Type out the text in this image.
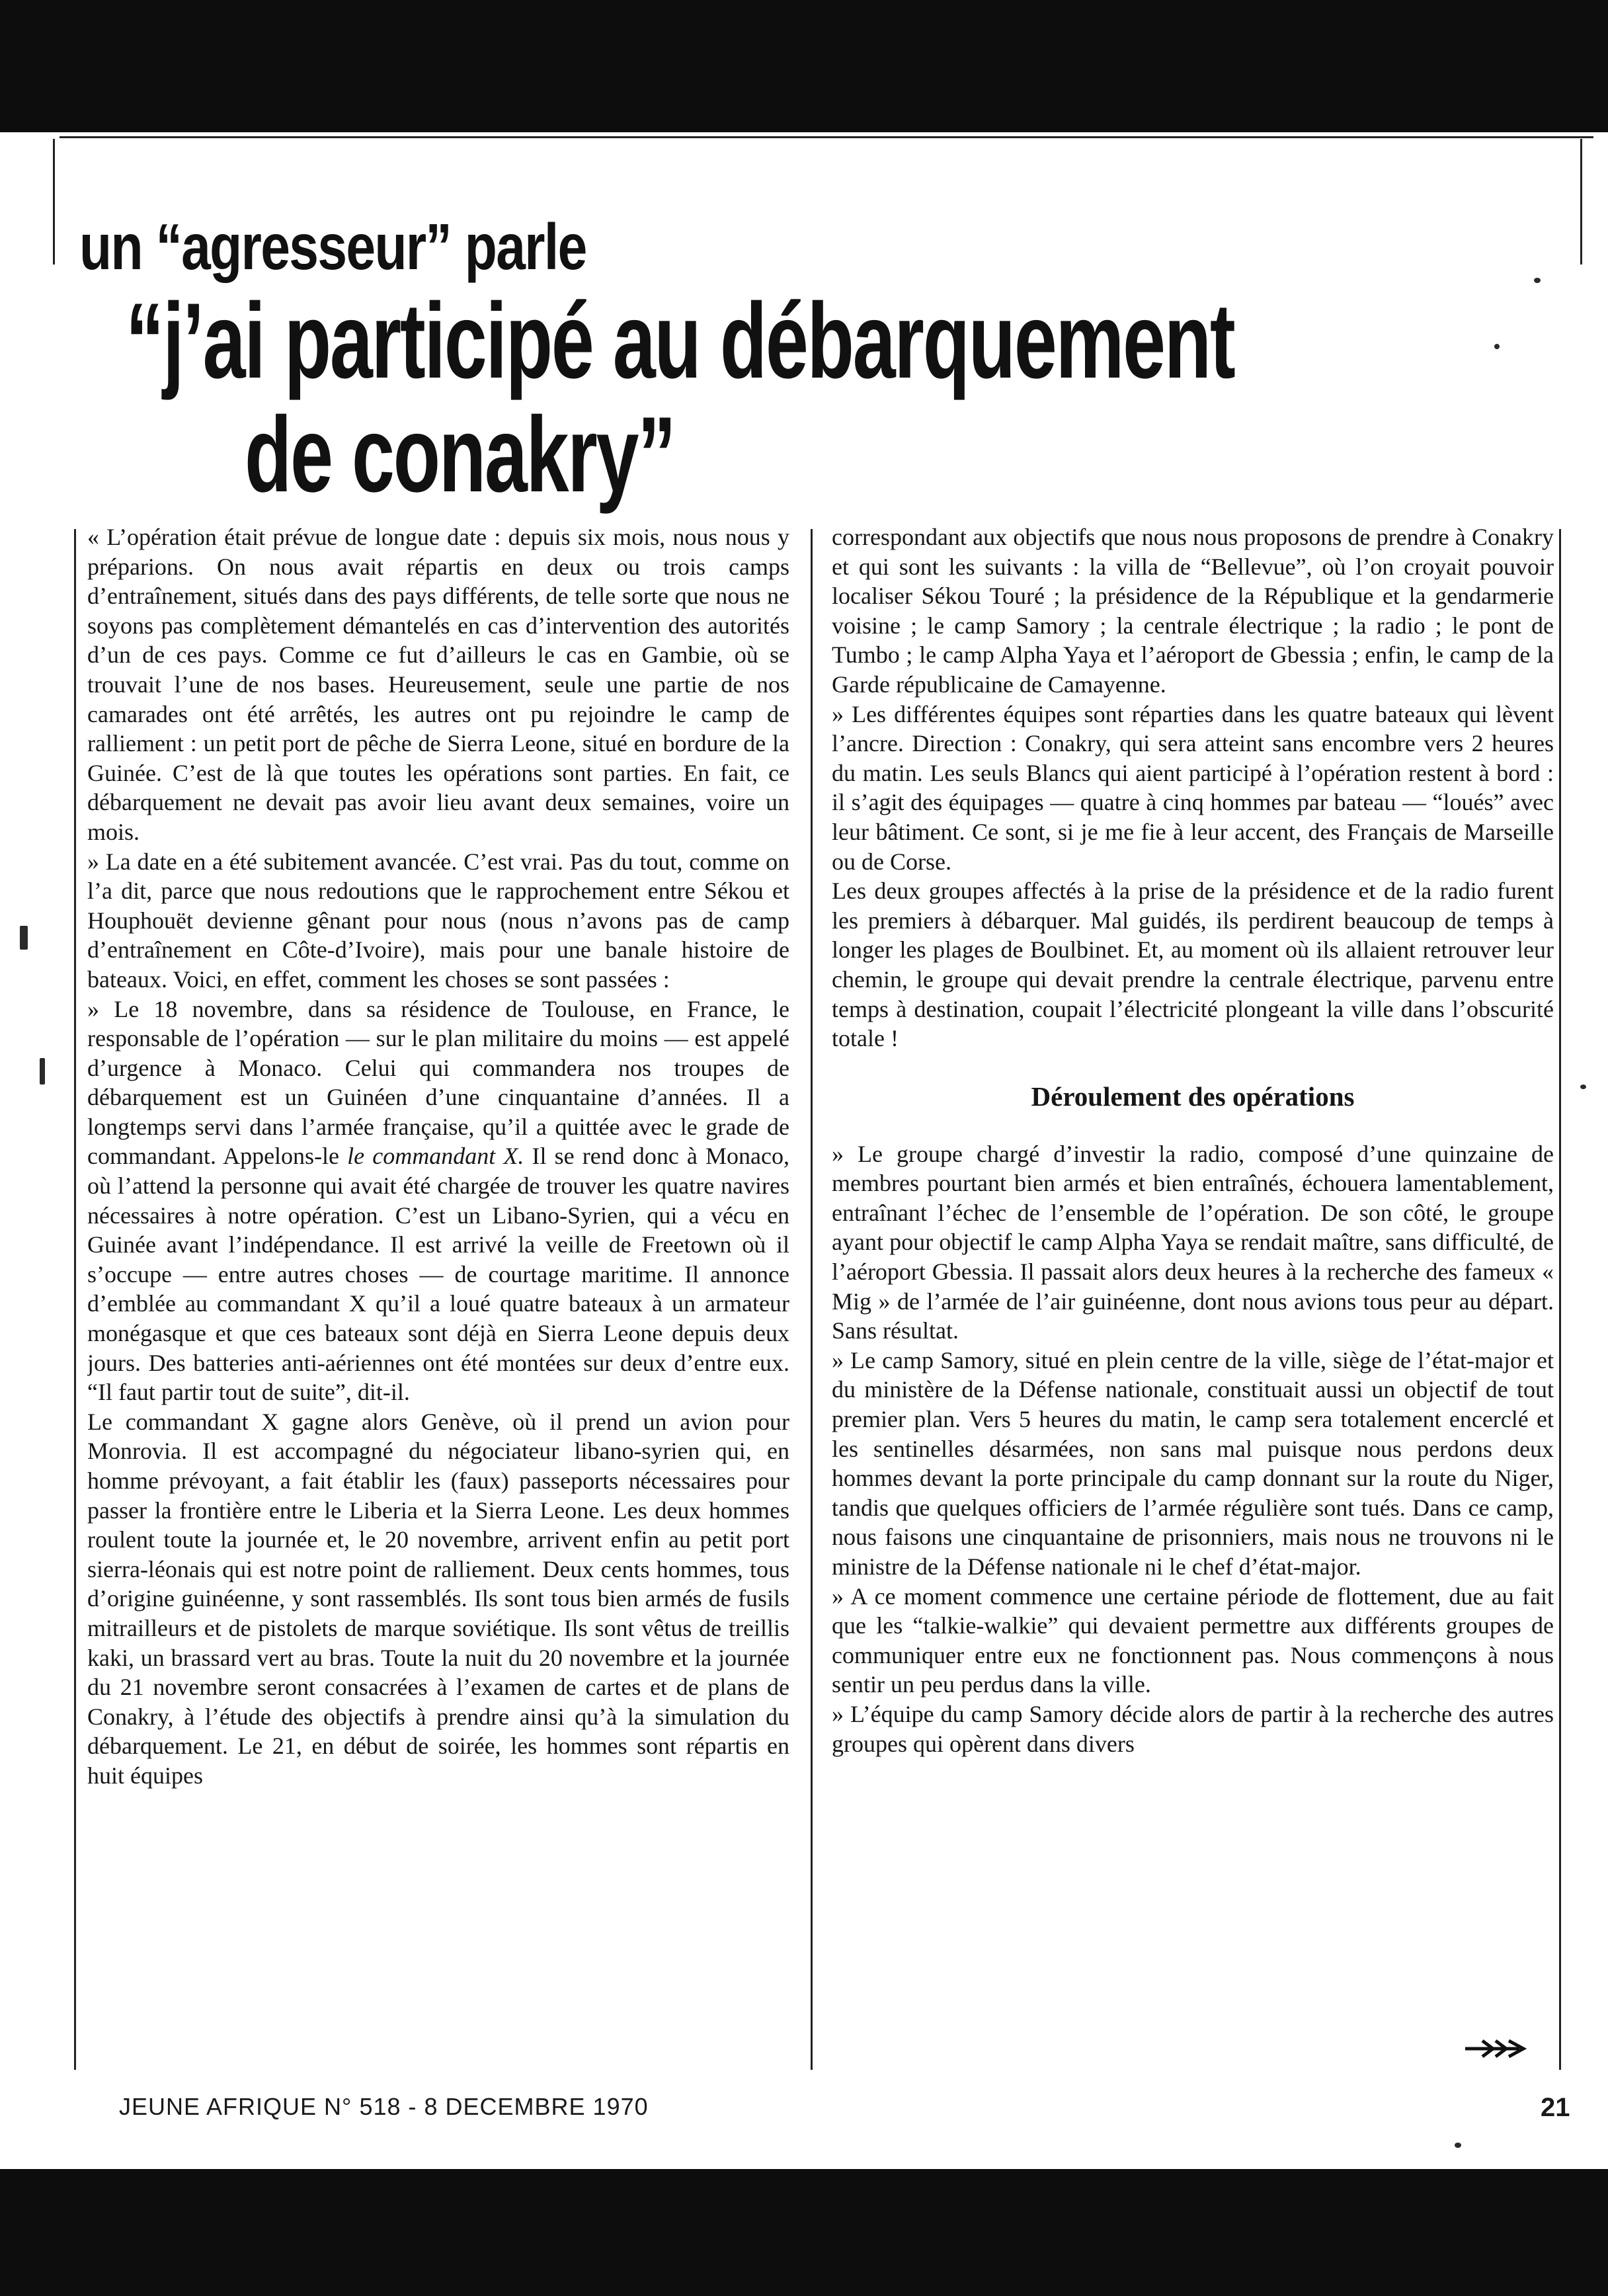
un “agresseur” parle
“j’ai participé au débarquement
de conakry”

« L’opération était prévue de longue date : depuis six mois, nous nous y préparions. On nous avait répartis en deux ou trois camps d’entraînement, situés dans des pays différents, de telle sorte que nous ne soyons pas complètement démantelés en cas d’intervention des autorités d’un de ces pays. Comme ce fut d’ailleurs le cas en Gambie, où se trouvait l’une de nos bases. Heureusement, seule une partie de nos camarades ont été arrêtés, les autres ont pu rejoindre le camp de ralliement : un petit port de pêche de Sierra Leone, situé en bordure de la Guinée. C’est de là que toutes les opérations sont parties. En fait, ce débarquement ne devait pas avoir lieu avant deux semaines, voire un mois.

» La date en a été subitement avancée. C’est vrai. Pas du tout, comme on l’a dit, parce que nous redoutions que le rapprochement entre Sékou et Houphouët devienne gênant pour nous (nous n’avons pas de camp d’entraînement en Côte-d’Ivoire), mais pour une banale histoire de bateaux. Voici, en effet, comment les choses se sont passées :

» Le 18 novembre, dans sa résidence de Toulouse, en France, le responsable de l’opération — sur le plan militaire du moins — est appelé d’urgence à Monaco. Celui qui commandera nos troupes de débarquement est un Guinéen d’une cinquantaine d’années. Il a longtemps servi dans l’armée française, qu’il a quittée avec le grade de commandant. Appelons-le le commandant X. Il se rend donc à Monaco, où l’attend la personne qui avait été chargée de trouver les quatre navires nécessaires à notre opération. C’est un Libano-Syrien, qui a vécu en Guinée avant l’indépendance. Il est arrivé la veille de Freetown où il s’occupe — entre autres choses — de courtage maritime. Il annonce d’emblée au commandant X qu’il a loué quatre bateaux à un armateur monégasque et que ces bateaux sont déjà en Sierra Leone depuis deux jours. Des batteries anti-aériennes ont été montées sur deux d’entre eux. “Il faut partir tout de suite”, dit-il.

Le commandant X gagne alors Genève, où il prend un avion pour Monrovia. Il est accompagné du négociateur libano-syrien qui, en homme prévoyant, a fait établir les (faux) passeports nécessaires pour passer la frontière entre le Liberia et la Sierra Leone. Les deux hommes roulent toute la journée et, le 20 novembre, arrivent enfin au petit port sierra-léonais qui est notre point de ralliement. Deux cents hommes, tous d’origine guinéenne, y sont rassemblés. Ils sont tous bien armés de fusils mitrailleurs et de pistolets de marque soviétique. Ils sont vêtus de treillis kaki, un brassard vert au bras. Toute la nuit du 20 novembre et la journée du 21 novembre seront consacrées à l’examen de cartes et de plans de Conakry, à l’étude des objectifs à prendre ainsi qu’à la simulation du débarquement. Le 21, en début de soirée, les hommes sont répartis en huit équipes

correspondant aux objectifs que nous nous proposons de prendre à Conakry et qui sont les suivants : la villa de “Bellevue”, où l’on croyait pouvoir localiser Sékou Touré ; la présidence de la République et la gendarmerie voisine ; le camp Samory ; la centrale électrique ; la radio ; le pont de Tumbo ; le camp Alpha Yaya et l’aéroport de Gbessia ; enfin, le camp de la Garde républicaine de Camayenne.

» Les différentes équipes sont réparties dans les quatre bateaux qui lèvent l’ancre. Direction : Conakry, qui sera atteint sans encombre vers 2 heures du matin. Les seuls Blancs qui aient participé à l’opération restent à bord : il s’agit des équipages — quatre à cinq hommes par bateau — “loués” avec leur bâtiment. Ce sont, si je me fie à leur accent, des Français de Marseille ou de Corse.

Les deux groupes affectés à la prise de la présidence et de la radio furent les premiers à débarquer. Mal guidés, ils perdirent beaucoup de temps à longer les plages de Boulbinet. Et, au moment où ils allaient retrouver leur chemin, le groupe qui devait prendre la centrale électrique, parvenu entre temps à destination, coupait l’électricité plongeant la ville dans l’obscurité totale !

Déroulement des opérations

» Le groupe chargé d’investir la radio, composé d’une quinzaine de membres pourtant bien armés et bien entraînés, échouera lamentablement, entraînant l’échec de l’ensemble de l’opération. De son côté, le groupe ayant pour objectif le camp Alpha Yaya se rendait maître, sans difficulté, de l’aéroport Gbessia. Il passait alors deux heures à la recherche des fameux « Mig » de l’armée de l’air guinéenne, dont nous avions tous peur au départ. Sans résultat.

» Le camp Samory, situé en plein centre de la ville, siège de l’état-major et du ministère de la Défense nationale, constituait aussi un objectif de tout premier plan. Vers 5 heures du matin, le camp sera totalement encerclé et les sentinelles désarmées, non sans mal puisque nous perdons deux hommes devant la porte principale du camp donnant sur la route du Niger, tandis que quelques officiers de l’armée régulière sont tués. Dans ce camp, nous faisons une cinquantaine de prisonniers, mais nous ne trouvons ni le ministre de la Défense nationale ni le chef d’état-major.

» A ce moment commence une certaine période de flottement, due au fait que les “talkie-walkie” qui devaient permettre aux différents groupes de communiquer entre eux ne fonctionnent pas. Nous commençons à nous sentir un peu perdus dans la ville.

» L’équipe du camp Samory décide alors de partir à la recherche des autres groupes qui opèrent dans divers

JEUNE AFRIQUE N° 518 - 8 DECEMBRE 1970	21
